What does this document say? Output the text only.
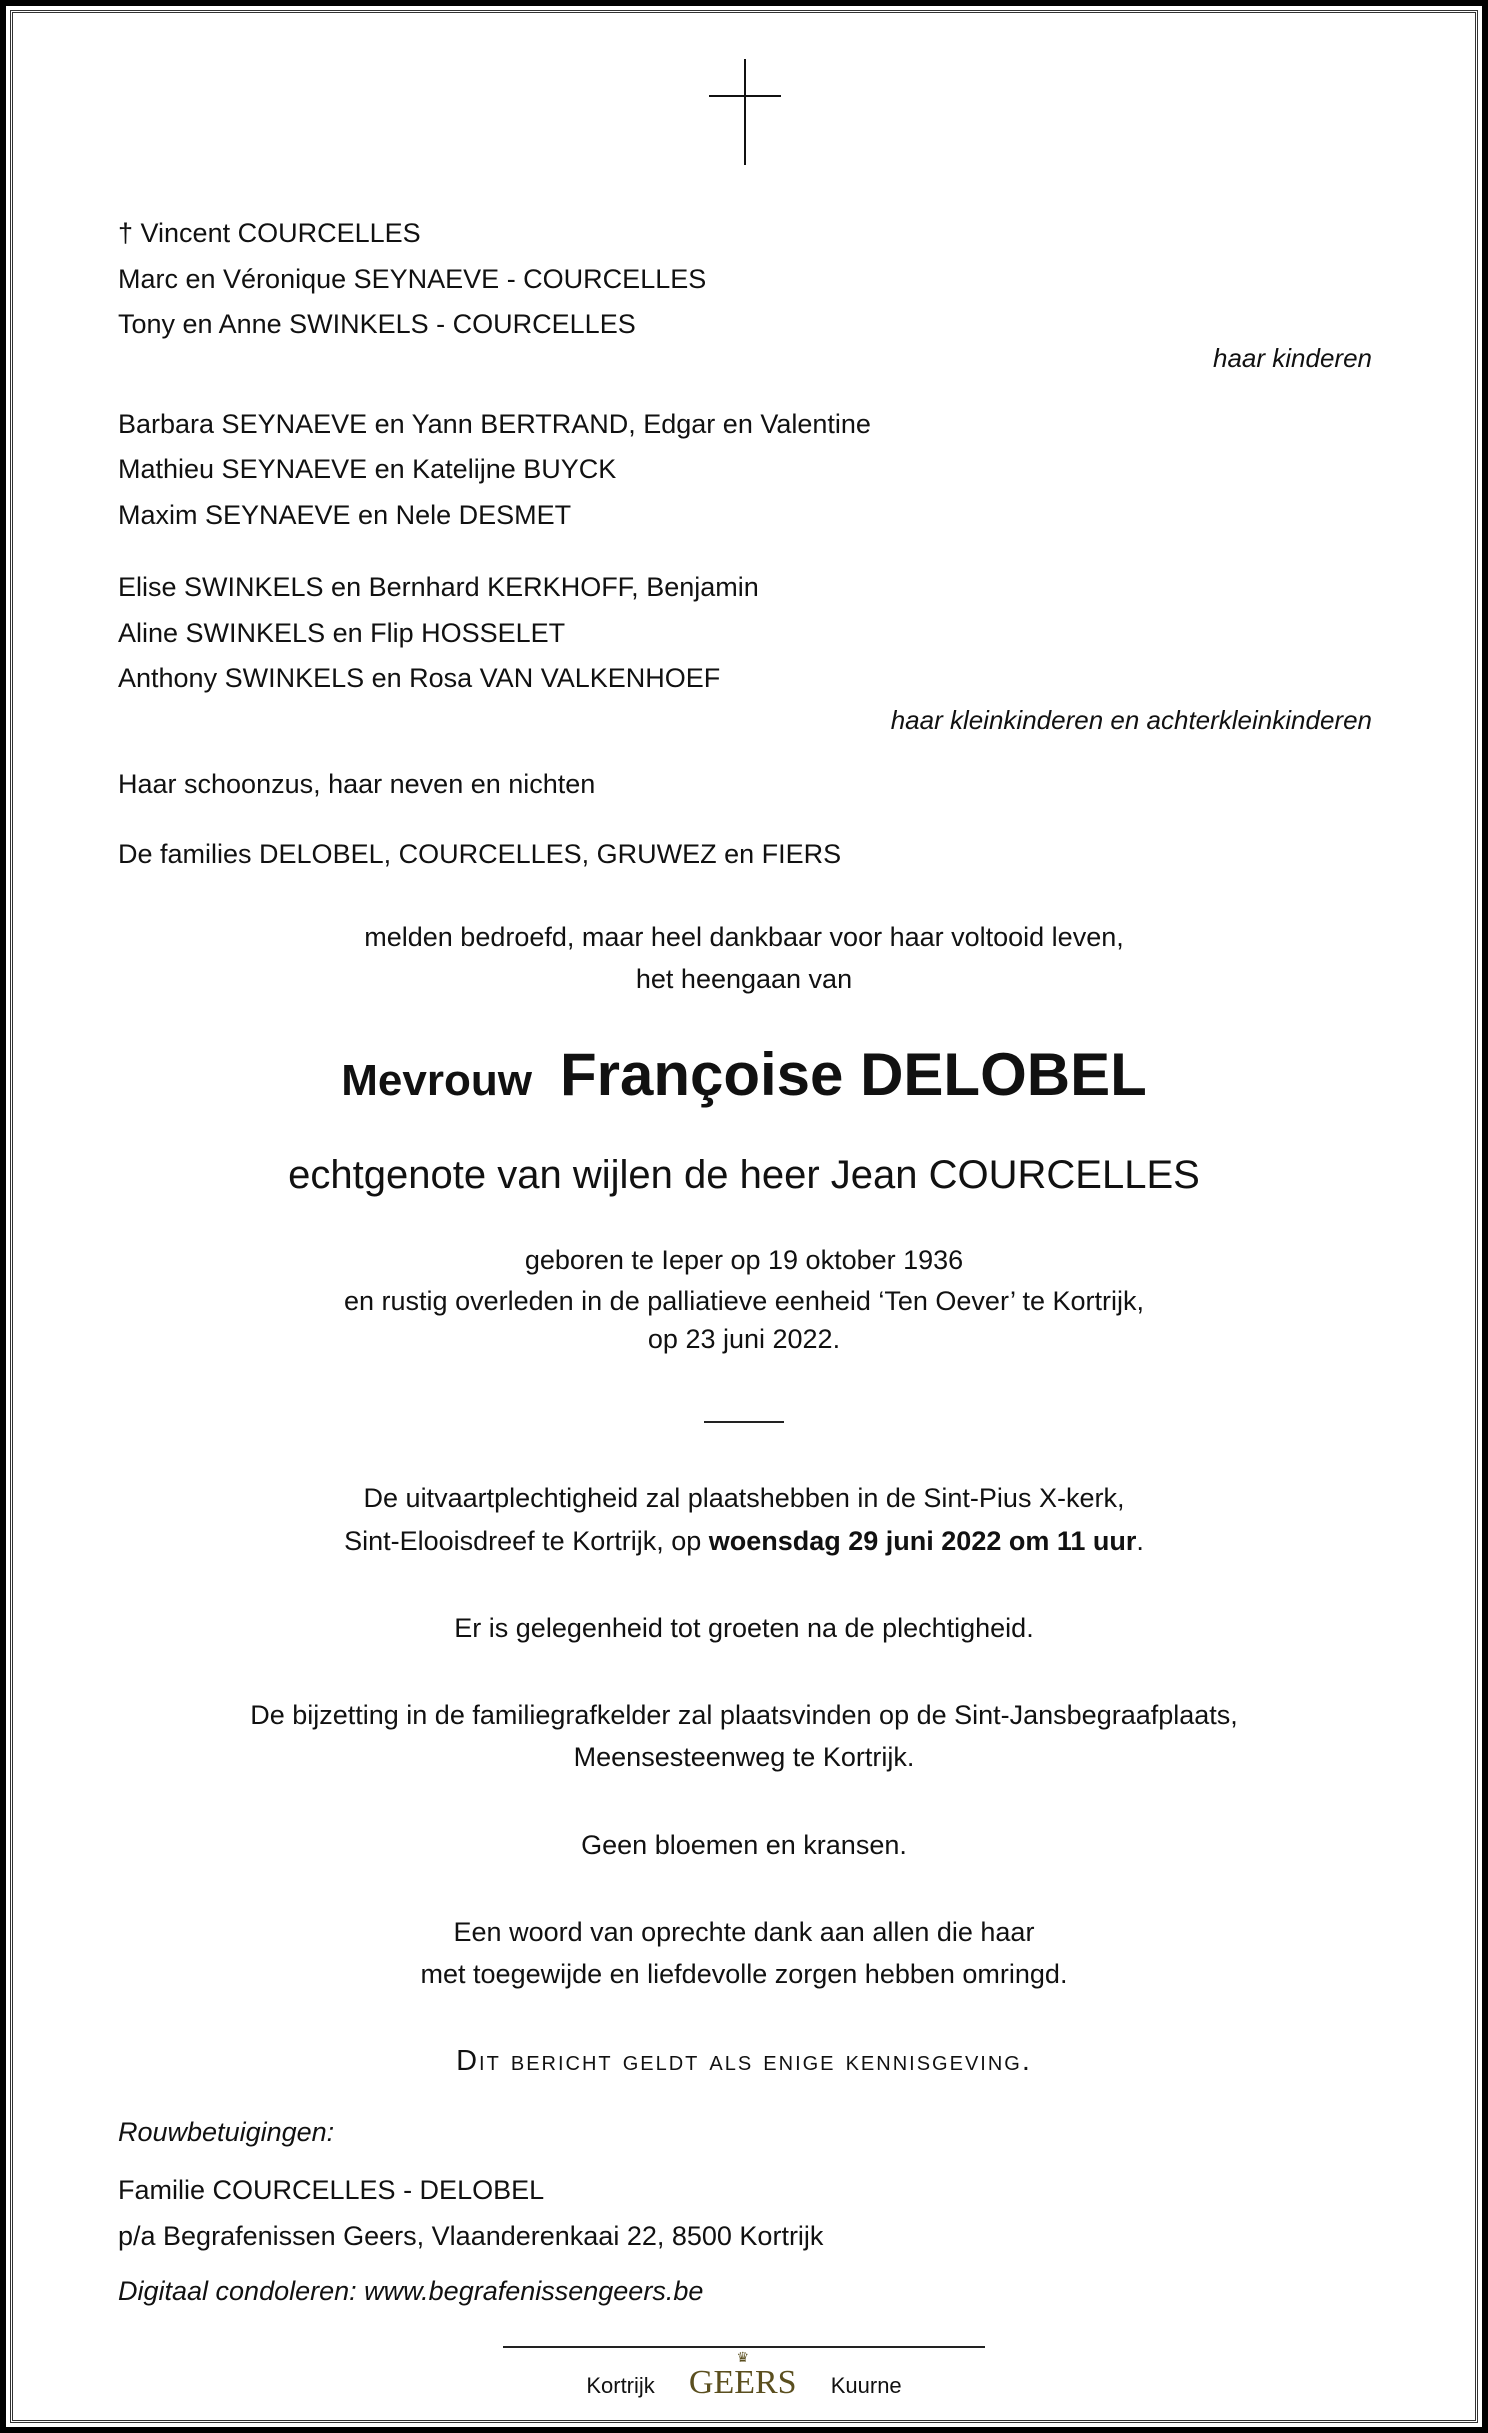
† Vincent COURCELLES
Marc en Véronique SEYNAEVE - COURCELLES
Tony en Anne SWINKELS - COURCELLES
haar kinderen
Barbara SEYNAEVE en Yann BERTRAND, Edgar en Valentine
Mathieu SEYNAEVE en Katelijne BUYCK
Maxim SEYNAEVE en Nele DESMET
Elise SWINKELS en Bernhard KERKHOFF, Benjamin
Aline SWINKELS en Flip HOSSELET
Anthony SWINKELS en Rosa VAN VALKENHOEF
haar kleinkinderen en achterkleinkinderen
Haar schoonzus, haar neven en nichten
De families DELOBEL, COURCELLES, GRUWEZ en FIERS
melden bedroefd, maar heel dankbaar voor haar voltooid leven,
het heengaan van
Mevrouw Françoise DELOBEL
echtgenote van wijlen de heer Jean COURCELLES
geboren te Ieper op 19 oktober 1936
en rustig overleden in de palliatieve eenheid ‘Ten Oever’ te Kortrijk,
op 23 juni 2022.
De uitvaartplechtigheid zal plaatshebben in de Sint-Pius X-kerk,
Sint-Elooisdreef te Kortrijk, op woensdag 29 juni 2022 om 11 uur.
Er is gelegenheid tot groeten na de plechtigheid.
De bijzetting in de familiegrafkelder zal plaatsvinden op de Sint-Jansbegraafplaats,
Meensesteenweg te Kortrijk.
Geen bloemen en kransen.
Een woord van oprechte dank aan allen die haar
met toegewijde en liefdevolle zorgen hebben omringd.
Dit bericht geldt als enige kennisgeving.
Rouwbetuigingen:
Familie COURCELLES - DELOBEL
p/a Begrafenissen Geers, Vlaanderenkaai 22, 8500 Kortrijk
Digitaal condoleren: www.begrafenissengeers.be
Kortrijk
♛
GEERS Kuurne
